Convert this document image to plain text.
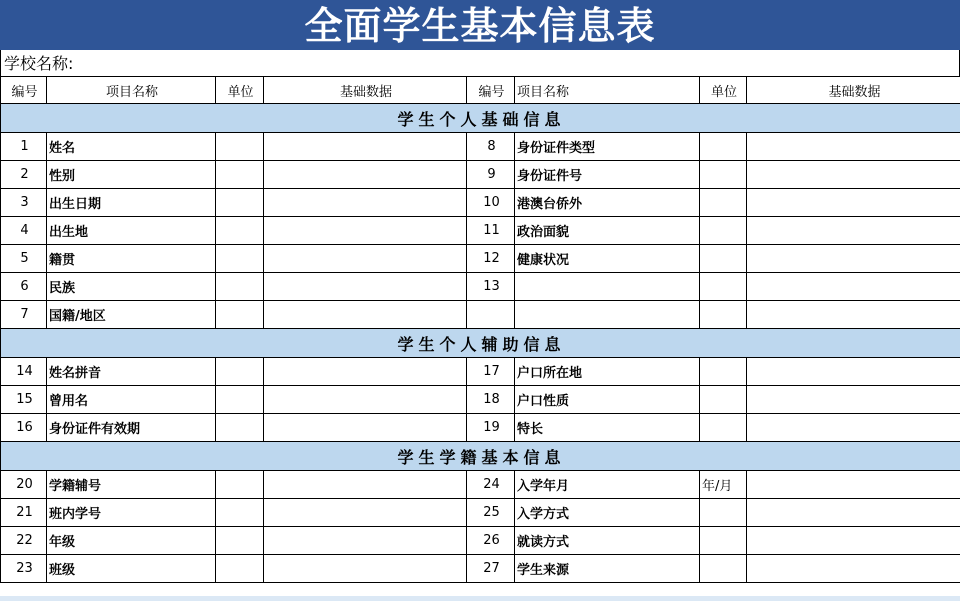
全面学生基本信息表
学校名称:
编号	项目名称	单位	基础数据	编号	项目名称	单位	基础数据
学生个人基础信息							
1	姓名			8	身份证件类型		
2	性别			9	身份证件号		
3	出生日期			10	港澳台侨外		
4	出生地			11	政治面貌		
5	籍贯			12	健康状况		
6	民族			13			
7	国籍/地区						
学生个人辅助信息							
14	姓名拼音			17	户口所在地		
15	曾用名			18	户口性质		
16	身份证件有效期			19	特长		
学生学籍基本信息							
20	学籍辅号			24	入学年月	年/月	
21	班内学号			25	入学方式		
22	年级			26	就读方式		
23	班级			27	学生来源		
